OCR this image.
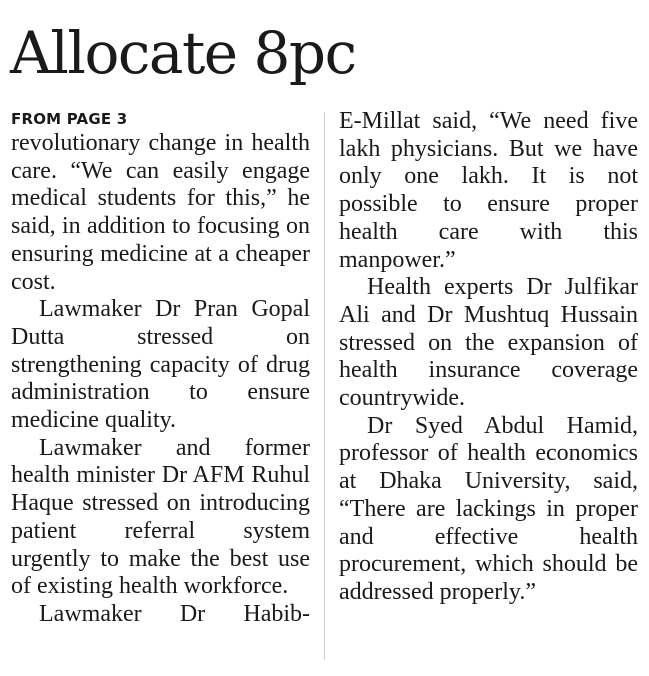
Allocate 8pc

FROM PAGE 3

revolutionary change in health care. “We can easily engage medical students for this,” he said, in addition to focusing on ensuring medicine at a cheaper cost.

Lawmaker Dr Pran Gopal Dutta stressed on strengthening capacity of drug administration to ensure medicine quality.

Lawmaker and former health minister Dr AFM Ruhul Haque stressed on introducing patient referral system urgently to make the best use of existing health workforce.

Lawmaker Dr Habib-

E-Millat said, “We need five lakh physicians. But we have only one lakh. It is not possible to ensure proper health care with this manpower.”

Health experts Dr Julfikar Ali and Dr Mushtuq Hussain stressed on the expansion of health insurance coverage countrywide.

Dr Syed Abdul Hamid, professor of health economics at Dhaka University, said, “There are lackings in proper and effective health procurement, which should be addressed properly.”
